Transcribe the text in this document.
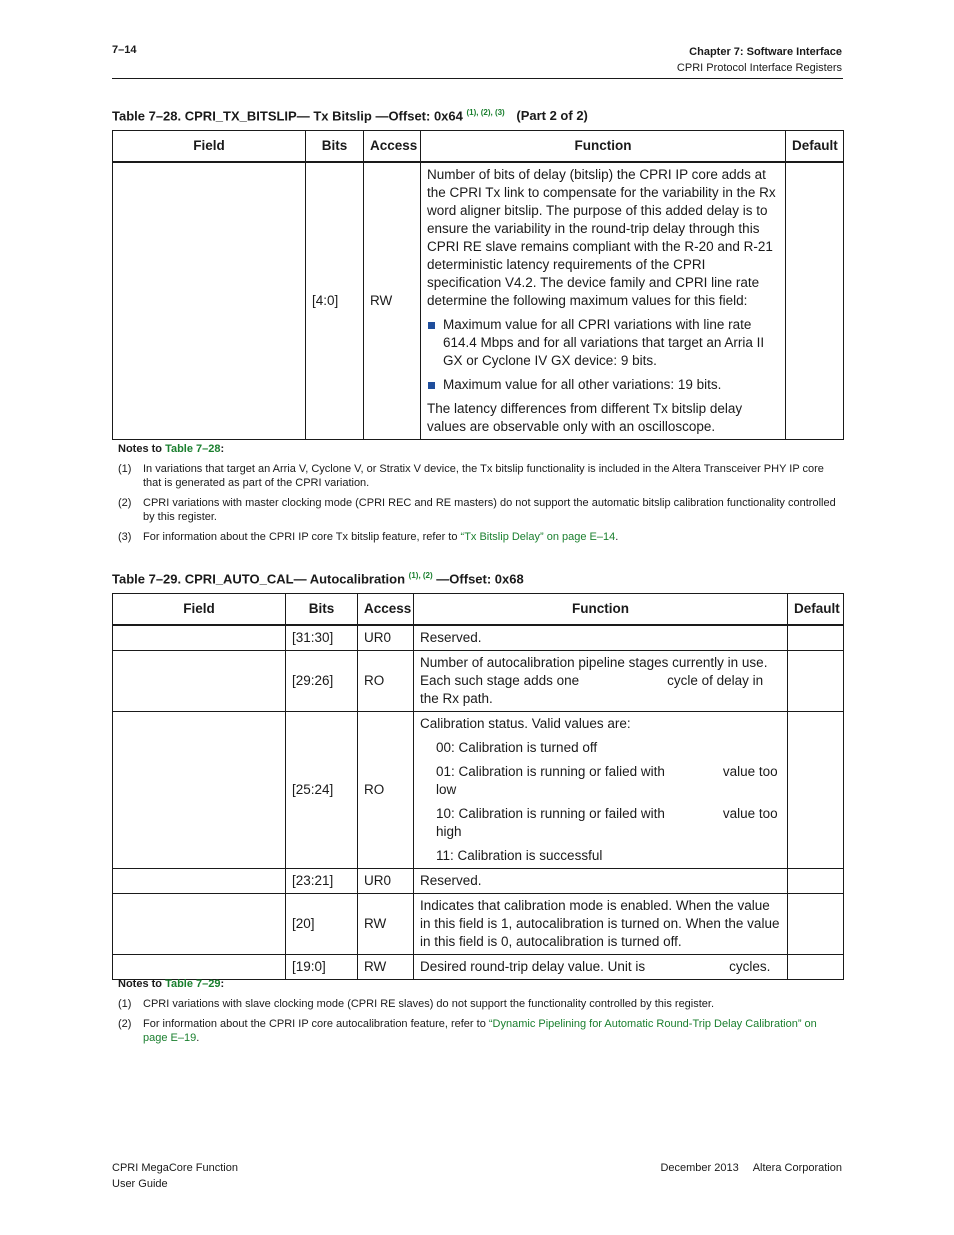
7–14	Chapter 7: Software Interface
CPRI Protocol Interface Registers
Table 7–28. CPRI_TX_BITSLIP— Tx Bitslip —Offset: 0x64 $^{(1), (2), (3)}$ (Part 2 of 2)
Field	Bits	Access	Function	Default
	[4:0]	RW	Number of bits of delay (bitslip) the CPRI IP core adds at the CPRI Tx link to compensate for the variability in the Rx word aligner bitslip. The purpose of this added delay is to ensure the variability in the round-trip delay through this CPRI RE slave remains compliant with the R-20 and R-21 deterministic latency requirements of the CPRI specification V4.2. The device family and CPRI line rate determine the following maximum values for this field:
Maximum value for all CPRI variations with line rate 614.4 Mbps and for all variations that target an Arria II GX or Cyclone IV GX device: 9 bits.
Maximum value for all other variations: 19 bits.
The latency differences from different Tx bitslip delay values are observable only with an oscilloscope.	

Notes to Table 7–28:
(1) In variations that target an Arria V, Cyclone V, or Stratix V device, the Tx bitslip functionality is included in the Altera Transceiver PHY IP core that is generated as part of the CPRI variation.
(2) CPRI variations with master clocking mode (CPRI REC and RE masters) do not support the automatic bitslip calibration functionality controlled by this register.
(3) For information about the CPRI IP core Tx bitslip feature, refer to “Tx Bitslip Delay” on page E–14.
Table 7–29. CPRI_AUTO_CAL— Autocalibration $^{(1), (2)}$ —Offset: 0x68
Field	Bits	Access	Function	Default
	[31:30]	UR0	Reserved.	
	[29:26]	RO	Number of autocalibration pipeline stages currently in use. Each such stage adds one cycle of delay in the Rx path.	
	[25:24]	RO	Calibration status. Valid values are:
00: Calibration is turned off
01: Calibration is running or falied with value too low
10: Calibration is running or failed with value too high
11: Calibration is successful	

	[23:21]	UR0	Reserved.	
	[20]	RW	Indicates that calibration mode is enabled. When the value in this field is 1, autocalibration is turned on. When the value in this field is 0, autocalibration is turned off.	
	[19:0]	RW	Desired round-trip delay value. Unit is cycles.	
Notes to Table 7–29:
(1) CPRI variations with slave clocking mode (CPRI RE slaves) do not support the functionality controlled by this register.
(2) For information about the CPRI IP core autocalibration feature, refer to “Dynamic Pipelining for Automatic Round-Trip Delay Calibration” on page E–19.
CPRI MegaCore Function
User Guide
December 2013 Altera Corporation
